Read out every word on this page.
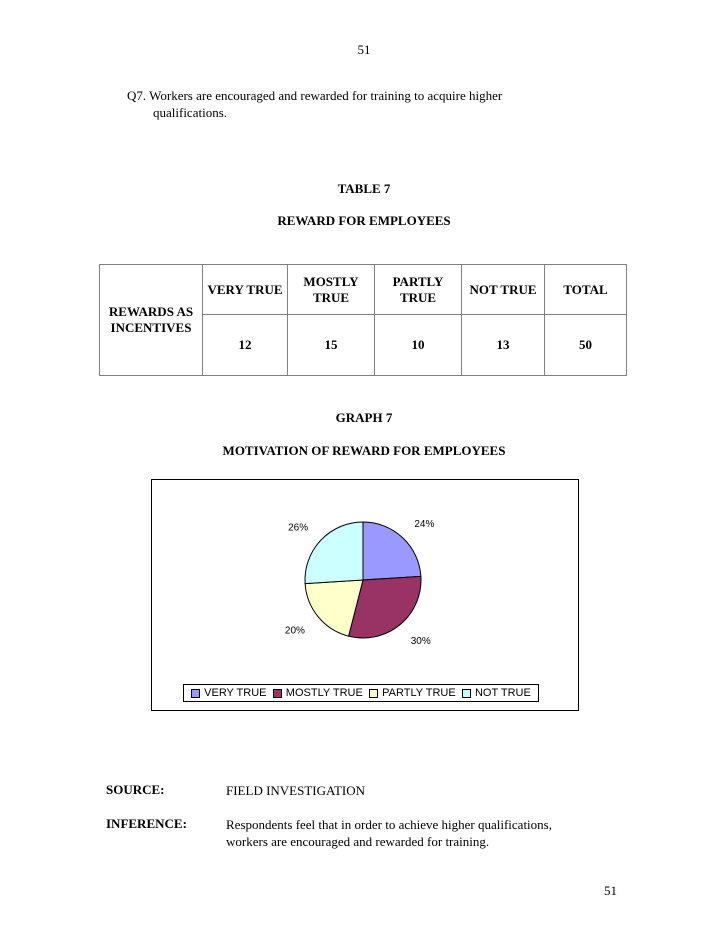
51
Q7. Workers are encouraged and rewarded for training to acquire higher
qualifications.
TABLE 7
REWARD FOR EMPLOYEES
REWARDS AS INCENTIVES	VERY TRUE	MOSTLY TRUE	PARTLY TRUE	NOT TRUE	TOTAL
	12	15	10	13	50
GRAPH 7
MOTIVATION OF REWARD FOR EMPLOYEES
24%
30%
20%
26%
VERY TRUE MOSTLY TRUE PARTLY TRUE NOT TRUE
SOURCE:	FIELD INVESTIGATION
INFERENCE:	Respondents feel that in order to achieve higher qualifications,
workers are encouraged and rewarded for training.
51
